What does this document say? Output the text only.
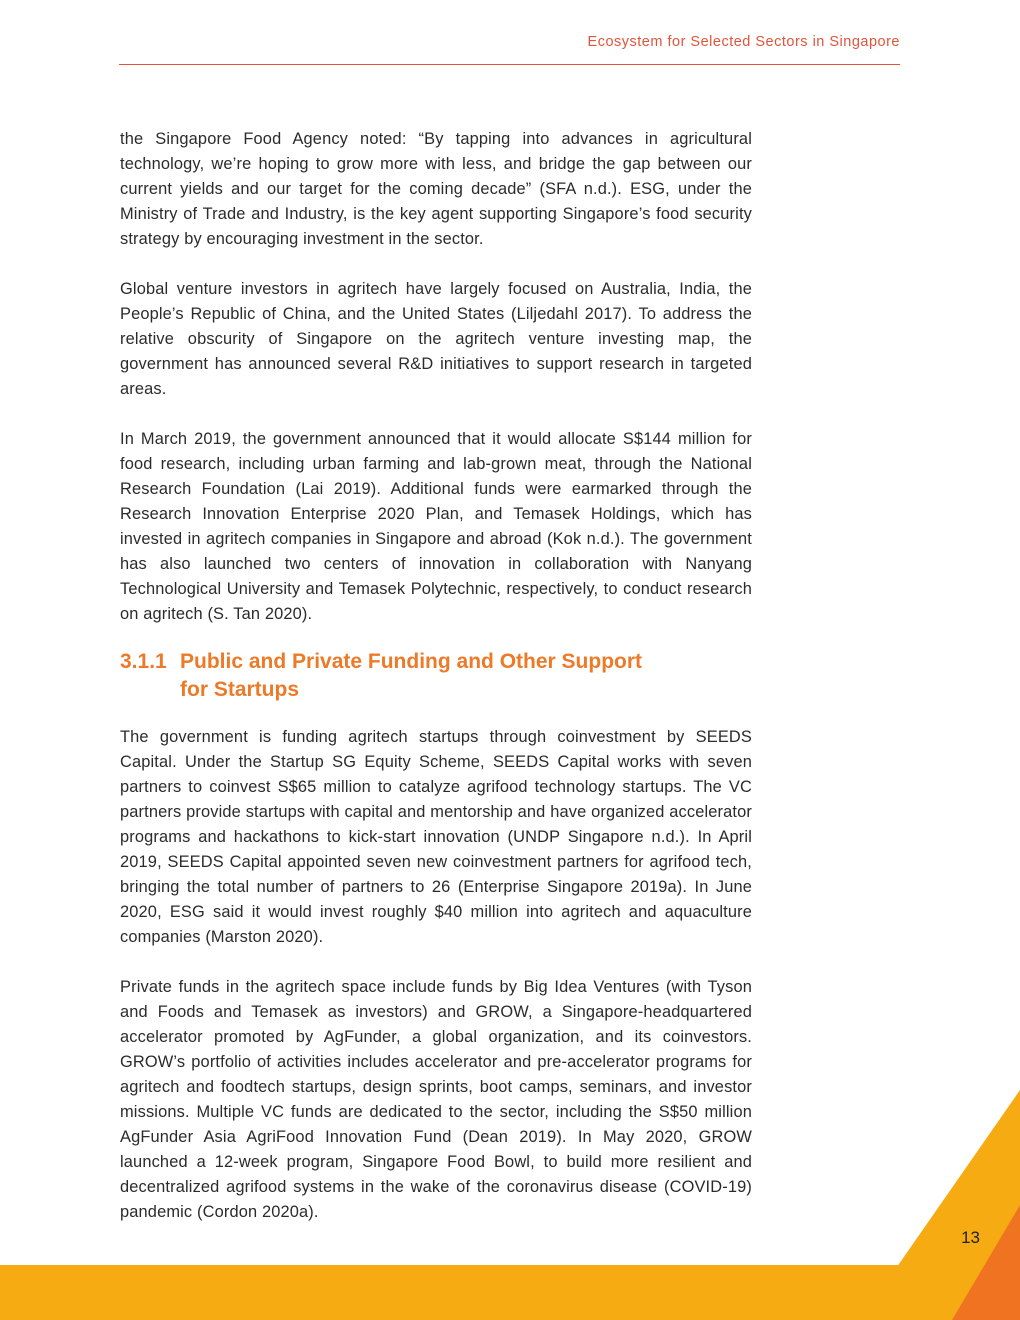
Ecosystem for Selected Sectors in Singapore

the Singapore Food Agency noted: “By tapping into advances in agricultural technology, we’re hoping to grow more with less, and bridge the gap between our current yields and our target for the coming decade” (SFA n.d.). ESG, under the Ministry of Trade and Industry, is the key agent supporting Singapore’s food security strategy by encouraging investment in the sector.

Global venture investors in agritech have largely focused on Australia, India, the People’s Republic of China, and the United States (Liljedahl 2017). To address the relative obscurity of Singapore on the agritech venture investing map, the government has announced several R&D initiatives to support research in targeted areas.

In March 2019, the government announced that it would allocate S$144 million for food research, including urban farming and lab-grown meat, through the National Research Foundation (Lai 2019). Additional funds were earmarked through the Research Innovation Enterprise 2020 Plan, and Temasek Holdings, which has invested in agritech companies in Singapore and abroad (Kok n.d.). The government has also launched two centers of innovation in collaboration with Nanyang Technological University and Temasek Polytechnic, respectively, to conduct research on agritech (S. Tan 2020).

3.1.1 Public and Private Funding and Other Support for Startups

The government is funding agritech startups through coinvestment by SEEDS Capital. Under the Startup SG Equity Scheme, SEEDS Capital works with seven partners to coinvest S$65 million to catalyze agrifood technology startups. The VC partners provide startups with capital and mentorship and have organized accelerator programs and hackathons to kick-start innovation (UNDP Singapore n.d.). In April 2019, SEEDS Capital appointed seven new coinvestment partners for agrifood tech, bringing the total number of partners to 26 (Enterprise Singapore 2019a). In June 2020, ESG said it would invest roughly $40 million into agritech and aquaculture companies (Marston 2020).

Private funds in the agritech space include funds by Big Idea Ventures (with Tyson and Foods and Temasek as investors) and GROW, a Singapore-headquartered accelerator promoted by AgFunder, a global organization, and its coinvestors. GROW’s portfolio of activities includes accelerator and pre-accelerator programs for agritech and foodtech startups, design sprints, boot camps, seminars, and investor missions. Multiple VC funds are dedicated to the sector, including the S$50 million AgFunder Asia AgriFood Innovation Fund (Dean 2019). In May 2020, GROW launched a 12-week program, Singapore Food Bowl, to build more resilient and decentralized agrifood systems in the wake of the coronavirus disease (COVID-19) pandemic (Cordon 2020a).

13
